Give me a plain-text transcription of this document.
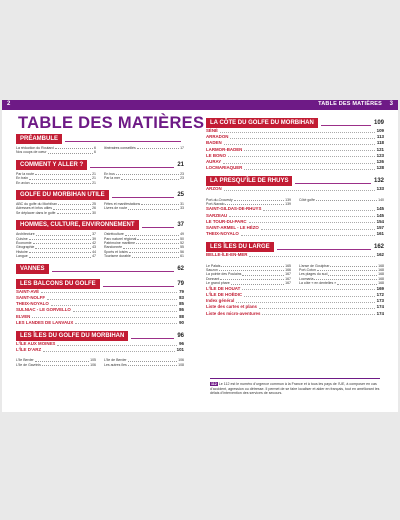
2	TABLE DES MATIÈRES 3
TABLE DES MATIÈRES
PRÉAMBULE
La réduction du Routard	6
Nos coups de cœur	6
Itinéraires conseillés	17
COMMENT Y ALLER ?	21
Par la route	21
En train	21
En avion	21
En bus	23
Par la mer	23
GOLFE DU MORBIHAN UTILE	25
ABC du golfe du Morbihan	25
Adresses et infos utiles	26
Se déplacer dans le golfe	30
Fêtes et manifestations	31
Livres de route	33
HOMMES, CULTURE, ENVIRONNEMENT	37
Architecture	37
Cuisine	39
Économie	42
Géographie	43
Histoire	44
Langue	47
Ostréiculture	49
Parc naturel régional	50
Patrimoine maritime	52
Randonnée	55
Sports et loisirs	56
Tourisme durable	61
VANNES	62
LES BALCONS DU GOLFE	79
SAINT-AVÉ	79
SAINT-NOLFF	83
THEIX-NOYALO	85
SULNIAC - LE GORVELLO	86
ELVEN	88
LES LANDES DE LANVAUX	90
LES ÎLES DU GOLFE DU MORBIHAN	96
L’ÎLE AUX MOINES	96
L’ÎLE D’ARZ	101
L’île Berder	105
L’île de Gavrinis	106
L’île de Berder	106
Les autres îles	108
LA CÔTE DU GOLFE DU MORBIHAN	109
SÉNÉ	109
ARRADON	113
BADEN	118
LARMOR-BADEN	121
LE BONO	123
AURAY	126
LOCMARIAQUER	128
LA PRESQU’ÎLE DE RHUYS	132
ARZON	133
Port-du-Crouesty	139
Port-Navalo	139
Côté golfe	140
SAINT-GILDAS-DE-RHUYS	145
SARZEAU	145
LE TOUR-DU-PARC	154
SAINT-ARMEL - LE HÉZO	157
THEIX-NOYALO	161
LES ÎLES DU LARGE	162
BELLE-ÎLE-EN-MER	162
Le Palais	165
Sauzon	166
La pointe des Poulains	167
Donnant	167
Le grand phare	167
L’anse de Goulphar	168
Port-Coton	168
Les plages du sud	168
Locmaria	168
La côte « en dentelles »	168
L’ÎLE DE HOUAT	169
L’ÎLE DE HOËDIC	172
Index général	173
Liste des cartes et plans	174
Liste des micro-aventures	174
112 Le 112 est le numéro d’urgence commun à la France et à tous les pays de l’UE, à composer en cas d’accident, agression ou détresse. Il permet de se faire localiser et aider en français, tout en améliorant les délais d’intervention des services de secours.
